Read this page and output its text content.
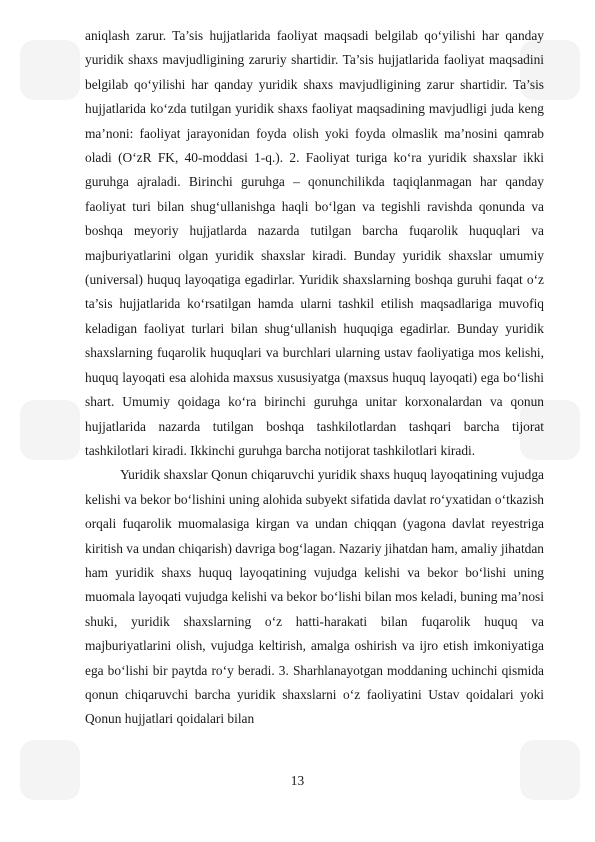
aniqlash zarur. Ta’sis hujjatlarida faoliyat maqsadi belgilab qo‘yilishi har qanday yuridik shaxs mavjudligining zaruriy shartidir. Ta’sis hujjatlarida faoliyat maqsadini belgilab qo‘yilishi har qanday yuridik shaxs mavjudligining zarur shartidir. Ta’sis hujjatlarida ko‘zda tutilgan yuridik shaxs faoliyat maqsadining mavjudligi juda keng ma’noni: faoliyat jarayonidan foyda olish yoki foyda olmaslik ma’nosini qamrab oladi (O‘zR FK, 40-moddasi 1-q.). 2. Faoliyat turiga ko‘ra yuridik shaxslar ikki guruhga ajraladi. Birinchi guruhga – qonunchilikda taqiqlanmagan har qanday faoliyat turi bilan shug‘ullanishga haqli bo‘lgan va tegishli ravishda qonunda va boshqa meyoriy hujjatlarda nazarda tutilgan barcha fuqarolik huquqlari va majburiyatlarini olgan yuridik shaxslar kiradi. Bunday yuridik shaxslar umumiy (universal) huquq layoqatiga egadirlar. Yuridik shaxslarning boshqa guruhi faqat o‘z ta’sis hujjatlarida ko‘rsatilgan hamda ularni tashkil etilish maqsadlariga muvofiq keladigan faoliyat turlari bilan shug‘ullanish huquqiga egadirlar. Bunday yuridik shaxslarning fuqarolik huquqlari va burchlari ularning ustav faoliyatiga mos kelishi, huquq layoqati esa alohida maxsus xususiyatga (maxsus huquq layoqati) ega bo‘lishi shart. Umumiy qoidaga ko‘ra birinchi guruhga unitar korxonalardan va qonun hujjatlarida nazarda tutilgan boshqa tashkilotlardan tashqari barcha tijorat tashkilotlari kiradi. Ikkinchi guruhga barcha notijorat tashkilotlari kiradi.

Yuridik shaxslar Qonun chiqaruvchi yuridik shaxs huquq layoqatining vujudga kelishi va bekor bo‘lishini uning alohida subyekt sifatida davlat ro‘yxatidan o‘tkazish orqali fuqarolik muomalasiga kirgan va undan chiqqan (yagona davlat reyestriga kiritish va undan chiqarish) davriga bog‘lagan. Nazariy jihatdan ham, amaliy jihatdan ham yuridik shaxs huquq layoqatining vujudga kelishi va bekor bo‘lishi uning muomala layoqati vujudga kelishi va bekor bo‘lishi bilan mos keladi, buning ma’nosi shuki, yuridik shaxslarning o‘z hatti-harakati bilan fuqarolik huquq va majburiyatlarini olish, vujudga keltirish, amalga oshirish va ijro etish imkoniyatiga ega bo‘lishi bir paytda ro‘y beradi. 3. Sharhlanayotgan moddaning uchinchi qismida qonun chiqaruvchi barcha yuridik shaxslarni o‘z faoliyatini Ustav qoidalari yoki Qonun hujjatlari qoidalari bilan

13
